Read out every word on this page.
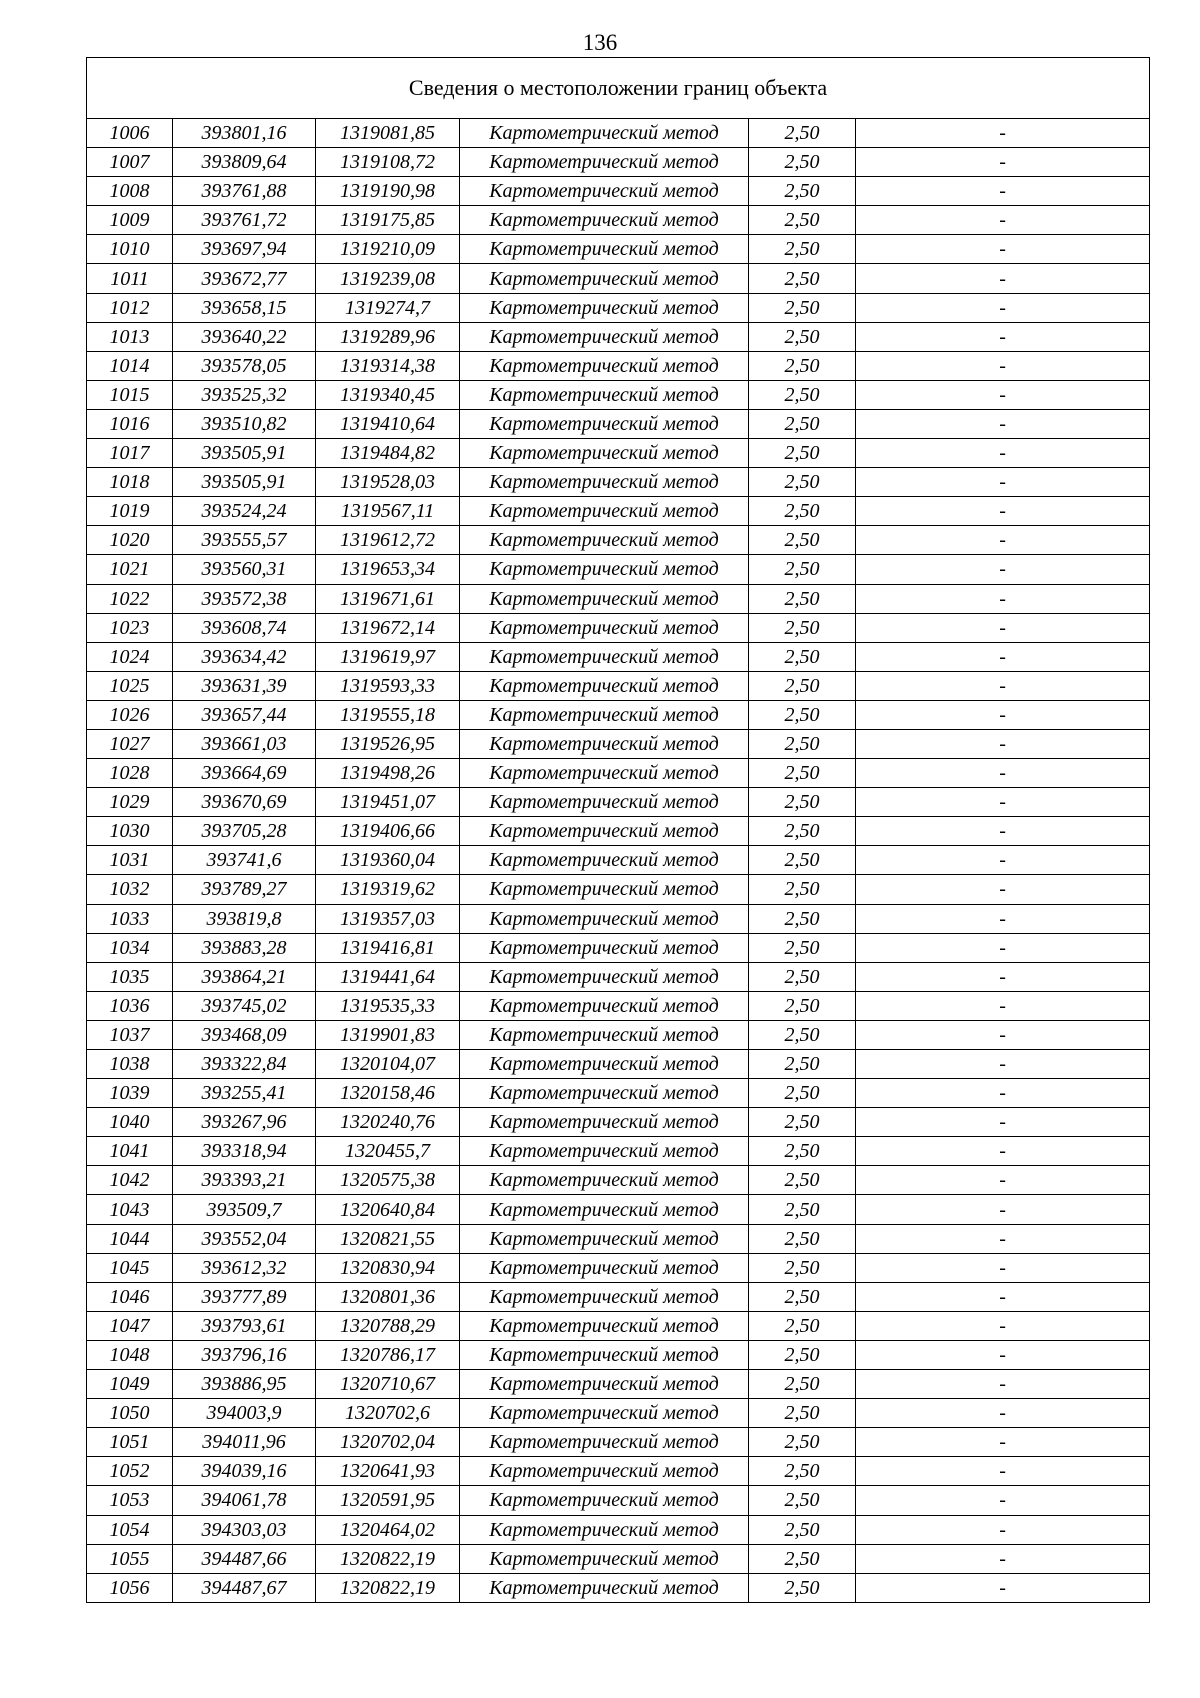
136
Сведения о местоположении границ объекта					
1006	393801,16	1319081,85	Картометрический метод	2,50	-
1007	393809,64	1319108,72	Картометрический метод	2,50	-
1008	393761,88	1319190,98	Картометрический метод	2,50	-
1009	393761,72	1319175,85	Картометрический метод	2,50	-
1010	393697,94	1319210,09	Картометрический метод	2,50	-
1011	393672,77	1319239,08	Картометрический метод	2,50	-
1012	393658,15	1319274,7	Картометрический метод	2,50	-
1013	393640,22	1319289,96	Картометрический метод	2,50	-
1014	393578,05	1319314,38	Картометрический метод	2,50	-
1015	393525,32	1319340,45	Картометрический метод	2,50	-
1016	393510,82	1319410,64	Картометрический метод	2,50	-
1017	393505,91	1319484,82	Картометрический метод	2,50	-
1018	393505,91	1319528,03	Картометрический метод	2,50	-
1019	393524,24	1319567,11	Картометрический метод	2,50	-
1020	393555,57	1319612,72	Картометрический метод	2,50	-
1021	393560,31	1319653,34	Картометрический метод	2,50	-
1022	393572,38	1319671,61	Картометрический метод	2,50	-
1023	393608,74	1319672,14	Картометрический метод	2,50	-
1024	393634,42	1319619,97	Картометрический метод	2,50	-
1025	393631,39	1319593,33	Картометрический метод	2,50	-
1026	393657,44	1319555,18	Картометрический метод	2,50	-
1027	393661,03	1319526,95	Картометрический метод	2,50	-
1028	393664,69	1319498,26	Картометрический метод	2,50	-
1029	393670,69	1319451,07	Картометрический метод	2,50	-
1030	393705,28	1319406,66	Картометрический метод	2,50	-
1031	393741,6	1319360,04	Картометрический метод	2,50	-
1032	393789,27	1319319,62	Картометрический метод	2,50	-
1033	393819,8	1319357,03	Картометрический метод	2,50	-
1034	393883,28	1319416,81	Картометрический метод	2,50	-
1035	393864,21	1319441,64	Картометрический метод	2,50	-
1036	393745,02	1319535,33	Картометрический метод	2,50	-
1037	393468,09	1319901,83	Картометрический метод	2,50	-
1038	393322,84	1320104,07	Картометрический метод	2,50	-
1039	393255,41	1320158,46	Картометрический метод	2,50	-
1040	393267,96	1320240,76	Картометрический метод	2,50	-
1041	393318,94	1320455,7	Картометрический метод	2,50	-
1042	393393,21	1320575,38	Картометрический метод	2,50	-
1043	393509,7	1320640,84	Картометрический метод	2,50	-
1044	393552,04	1320821,55	Картометрический метод	2,50	-
1045	393612,32	1320830,94	Картометрический метод	2,50	-
1046	393777,89	1320801,36	Картометрический метод	2,50	-
1047	393793,61	1320788,29	Картометрический метод	2,50	-
1048	393796,16	1320786,17	Картометрический метод	2,50	-
1049	393886,95	1320710,67	Картометрический метод	2,50	-
1050	394003,9	1320702,6	Картометрический метод	2,50	-
1051	394011,96	1320702,04	Картометрический метод	2,50	-
1052	394039,16	1320641,93	Картометрический метод	2,50	-
1053	394061,78	1320591,95	Картометрический метод	2,50	-
1054	394303,03	1320464,02	Картометрический метод	2,50	-
1055	394487,66	1320822,19	Картометрический метод	2,50	-
1056	394487,67	1320822,19	Картометрический метод	2,50	-
